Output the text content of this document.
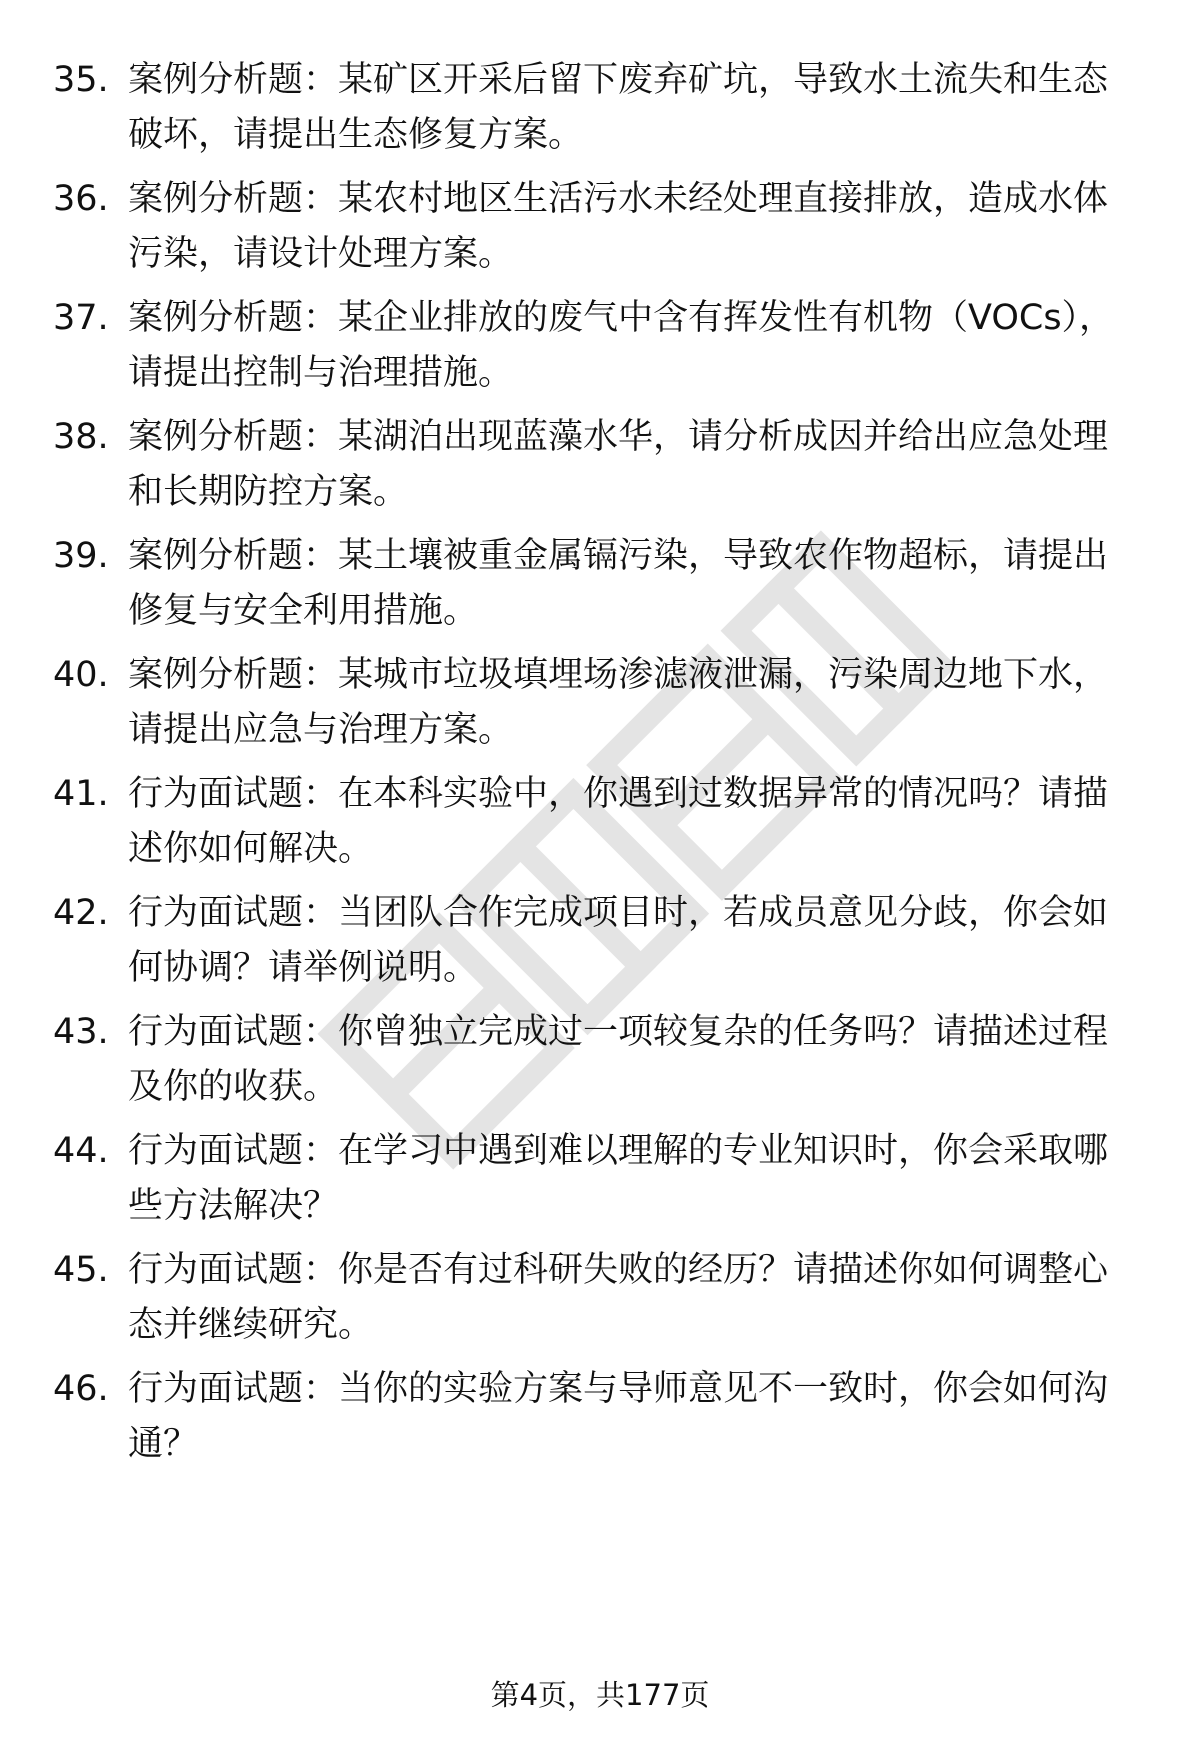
35. 案例分析题：某矿区开采后留下废弃矿坑，导致水土流失和生态破坏，请提出生态修复方案。
36. 案例分析题：某农村地区生活污水未经处理直接排放，造成水体污染，请设计处理方案。
37. 案例分析题：某企业排放的废气中含有挥发性有机物（VOCs），请提出控制与治理措施。
38. 案例分析题：某湖泊出现蓝藻水华，请分析成因并给出应急处理和长期防控方案。
39. 案例分析题：某土壤被重金属镉污染，导致农作物超标，请提出修复与安全利用措施。
40. 案例分析题：某城市垃圾填埋场渗滤液泄漏，污染周边地下水，请提出应急与治理方案。
41. 行为面试题：在本科实验中，你遇到过数据异常的情况吗？请描述你如何解决。
42. 行为面试题：当团队合作完成项目时，若成员意见分歧，你会如何协调？请举例说明。
43. 行为面试题：你曾独立完成过一项较复杂的任务吗？请描述过程及你的收获。
44. 行为面试题：在学习中遇到难以理解的专业知识时，你会采取哪些方法解决？
45. 行为面试题：你是否有过科研失败的经历？请描述你如何调整心态并继续研究。
46. 行为面试题：当你的实验方案与导师意见不一致时，你会如何沟通？
第4页，共177页
